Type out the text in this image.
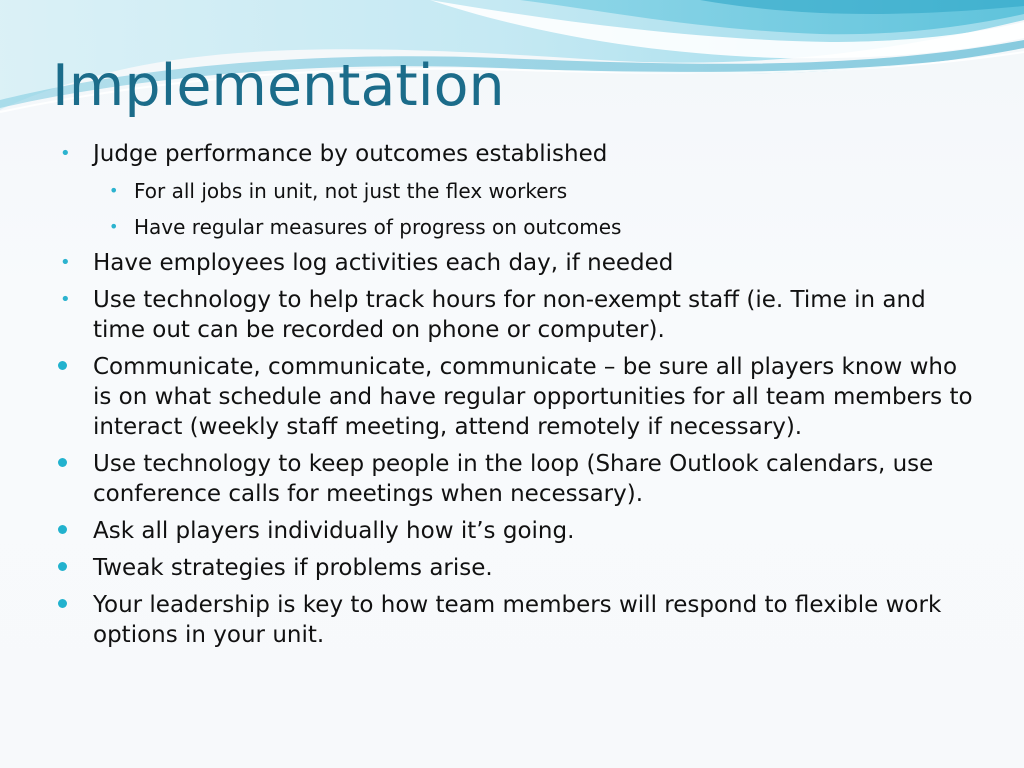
Implementation
• Judge performance by outcomes established
• For all jobs in unit, not just the flex workers
• Have regular measures of progress on outcomes
• Have employees log activities each day, if needed
• Use technology to help track hours for non-exempt staff (ie. Time in and time out can be recorded on phone or computer).
Communicate, communicate, communicate – be sure all players know who is on what schedule and have regular opportunities for all team members to interact (weekly staff meeting, attend remotely if necessary).
Use technology to keep people in the loop (Share Outlook calendars, use conference calls for meetings when necessary).
Ask all players individually how it’s going.
Tweak strategies if problems arise.
Your leadership is key to how team members will respond to flexible work options in your unit.
